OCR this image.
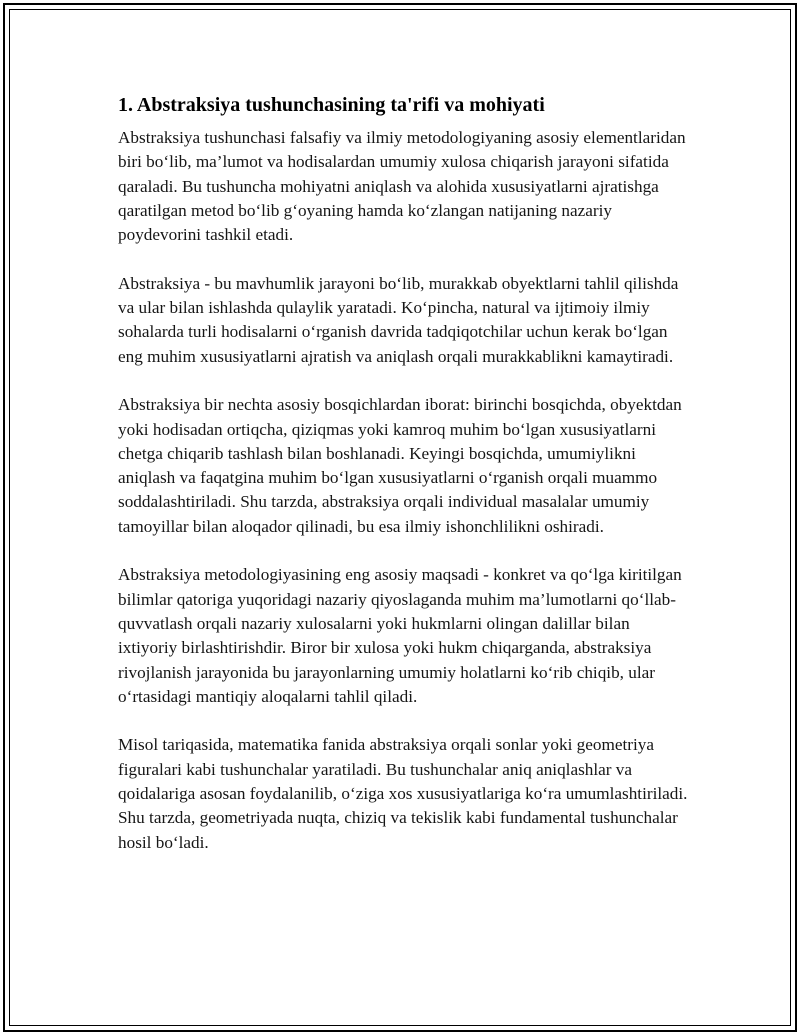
1. Abstraksiya tushunchasining ta'rifi va mohiyati

Abstraksiya tushunchasi falsafiy va ilmiy metodologiyaning asosiy elementlaridan biri bo‘lib, ma’lumot va hodisalardan umumiy xulosa chiqarish jarayoni sifatida qaraladi. Bu tushuncha mohiyatni aniqlash va alohida xususiyatlarni ajratishga qaratilgan metod bo‘lib g‘oyaning hamda ko‘zlangan natijaning nazariy poydevorini tashkil etadi.

Abstraksiya - bu mavhumlik jarayoni bo‘lib, murakkab obyektlarni tahlil qilishda va ular bilan ishlashda qulaylik yaratadi. Ko‘pincha, natural va ijtimoiy ilmiy sohalarda turli hodisalarni o‘rganish davrida tadqiqotchilar uchun kerak bo‘lgan eng muhim xususiyatlarni ajratish va aniqlash orqali murakkablikni kamaytiradi.

Abstraksiya bir nechta asosiy bosqichlardan iborat: birinchi bosqichda, obyektdan yoki hodisadan ortiqcha, qiziqmas yoki kamroq muhim bo‘lgan xususiyatlarni chetga chiqarib tashlash bilan boshlanadi. Keyingi bosqichda, umumiylikni aniqlash va faqatgina muhim bo‘lgan xususiyatlarni o‘rganish orqali muammo soddalashtiriladi. Shu tarzda, abstraksiya orqali individual masalalar umumiy tamoyillar bilan aloqador qilinadi, bu esa ilmiy ishonchlilikni oshiradi.

Abstraksiya metodologiyasining eng asosiy maqsadi - konkret va qo‘lga kiritilgan bilimlar qatoriga yuqoridagi nazariy qiyoslaganda muhim ma’lumotlarni qo‘llab-quvvatlash orqali nazariy xulosalarni yoki hukmlarni olingan dalillar bilan ixtiyoriy birlashtirishdir. Biror bir xulosa yoki hukm chiqarganda, abstraksiya rivojlanish jarayonida bu jarayonlarning umumiy holatlarni ko‘rib chiqib, ular o‘rtasidagi mantiqiy aloqalarni tahlil qiladi.

Misol tariqasida, matematika fanida abstraksiya orqali sonlar yoki geometriya figuralari kabi tushunchalar yaratiladi. Bu tushunchalar aniq aniqlashlar va qoidalariga asosan foydalanilib, o‘ziga xos xususiyatlariga ko‘ra umumlashtiriladi. Shu tarzda, geometriyada nuqta, chiziq va tekislik kabi fundamental tushunchalar hosil bo‘ladi.
